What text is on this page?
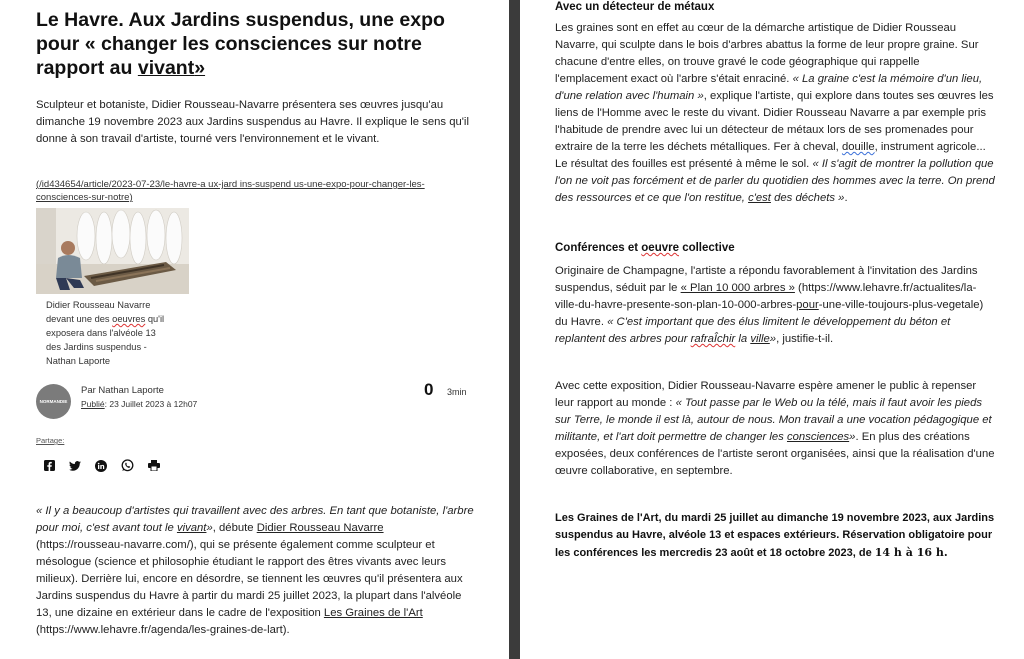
Le Havre. Aux Jardins suspendus, une expo pour « changer les consciences sur notre rapport au vivant»

Sculpteur et botaniste, Didier Rousseau-Navarre présentera ses œuvres jusqu'au dimanche 19 novembre 2023 aux Jardins suspendus au Havre. Il explique le sens qu'il donne à son travail d'artiste, tourné vers l'environnement et le vivant.

(/id434654/article/2023-07-23/le-havre-a ux-jard ins-suspend us-une-expo-pour-changer-les-consciences-sur-notre)
Didier Rousseau Navarre
devant une des oeuvres qu'il
exposera dans l'alvéole 13
des Jardins suspendus -
Nathan Laporte
NORMANDIE
Par Nathan Laporte
Publié: 23 Juillet 2023 à 12h07
0 3min
Partage:

« Il y a beaucoup d'artistes qui travaillent avec des arbres. En tant que botaniste, l'arbre pour moi, c'est avant tout le vivant», débute Didier Rousseau Navarre
(https://rousseau-navarre.com/), qui se présente également comme sculpteur et mésologue (science et philosophie étudiant le rapport des êtres vivants avec leurs milieux). Derrière lui, encore en désordre, se tiennent les œuvres qu'il présentera aux Jardins suspendus du Havre à partir du mardi 25 juillet 2023, la plupart dans l'alvéole 13, une dizaine en extérieur dans le cadre de l'exposition Les Graines de l'Art (https://www.lehavre.fr/agenda/les-graines-de-lart).

Avec un détecteur de métaux

Les graines sont en effet au cœur de la démarche artistique de Didier Rousseau Navarre, qui sculpte dans le bois d'arbres abattus la forme de leur propre graine. Sur chacune d'entre elles, on trouve gravé le code géographique qui rappelle l'emplacement exact où l'arbre s'était enraciné. « La graine c'est la mémoire d'un lieu, d'une relation avec l'humain », explique l'artiste, qui explore dans toutes ses œuvres les liens de l'Homme avec le reste du vivant. Didier Rousseau Navarre a par exemple pris l'habitude de prendre avec lui un détecteur de métaux lors de ses promenades pour extraire de la terre les déchets métalliques. Fer à cheval, douille, instrument agricole... Le résultat des fouilles est présenté à même le sol. « Il s'agit de montrer la pollution que l'on ne voit pas forcément et de parler du quotidien des hommes avec la terre. On prend des ressources et ce que l'on restitue, c'est des déchets ».

Conférences et oeuvre collective

Originaire de Champagne, l'artiste a répondu favorablement à l'invitation des Jardins suspendus, séduit par le « Plan 10 000 arbres » (https://www.lehavre.fr/actualites/la-ville-du-havre-presente-son-plan-10-000-arbres-pour-une-ville-toujours-plus-vegetale) du Havre. « C'est important que des élus limitent le développement du béton et replantent des arbres pour rafraÎchir la ville», justifie-t-il.

Avec cette exposition, Didier Rousseau-Navarre espère amener le public à repenser leur rapport au monde : « Tout passe par le Web ou la télé, mais il faut avoir les pieds sur Terre, le monde il est là, autour de nous. Mon travail a une vocation pédagogique et militante, et l'art doit permettre de changer les consciences». En plus des créations exposées, deux conférences de l'artiste seront organisées, ainsi que la réalisation d'une œuvre collaborative, en septembre.

Les Graines de l'Art, du mardi 25 juillet au dimanche 19 novembre 2023, aux Jardins suspendus au Havre, alvéole 13 et espaces extérieurs. Réservation obligatoire pour les conférences les mercredis 23 août et 18 octobre 2023, de 14 h à 16 h.
